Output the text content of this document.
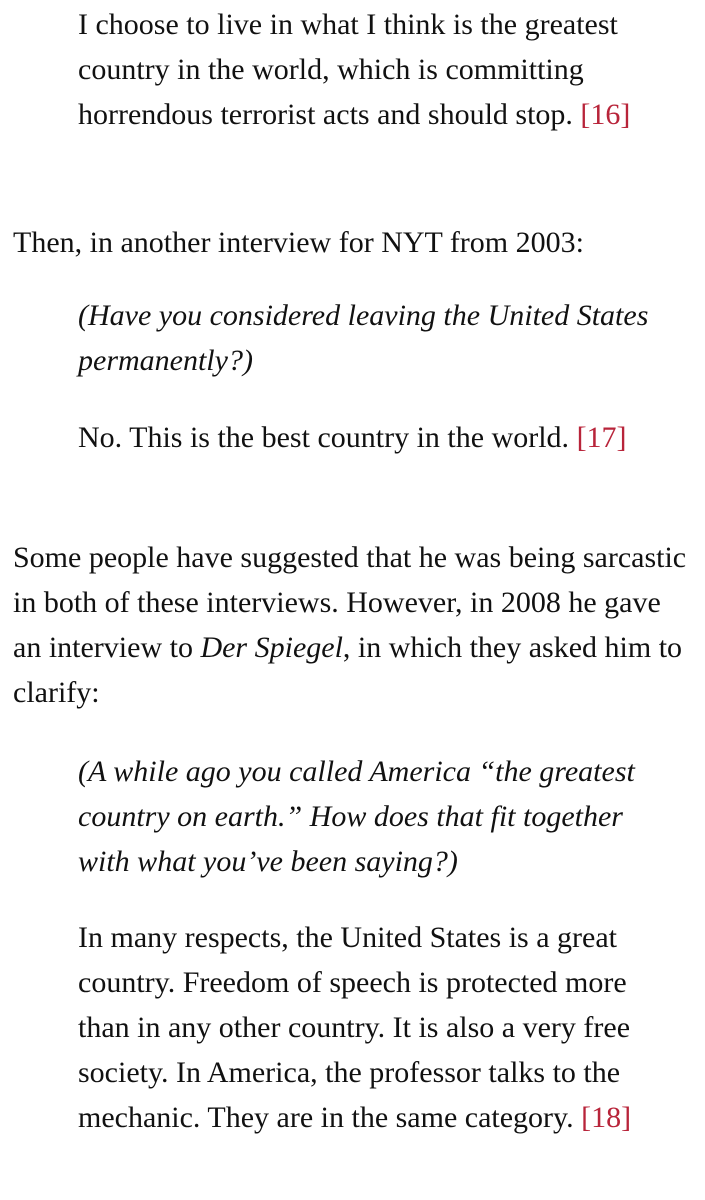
I choose to live in what I think is the greatest country in the world, which is committing horrendous terrorist acts and should stop. [16]

Then, in another interview for NYT from 2003:

(Have you considered leaving the United States permanently?)

No. This is the best country in the world. [17]

Some people have suggested that he was being sarcastic in both of these interviews. However, in 2008 he gave an interview to Der Spiegel, in which they asked him to clarify:

(A while ago you called America “the greatest country on earth.” How does that fit together with what you’ve been saying?)

In many respects, the United States is a great country. Freedom of speech is protected more than in any other country. It is also a very free society. In America, the professor talks to the mechanic. They are in the same category. [18]
